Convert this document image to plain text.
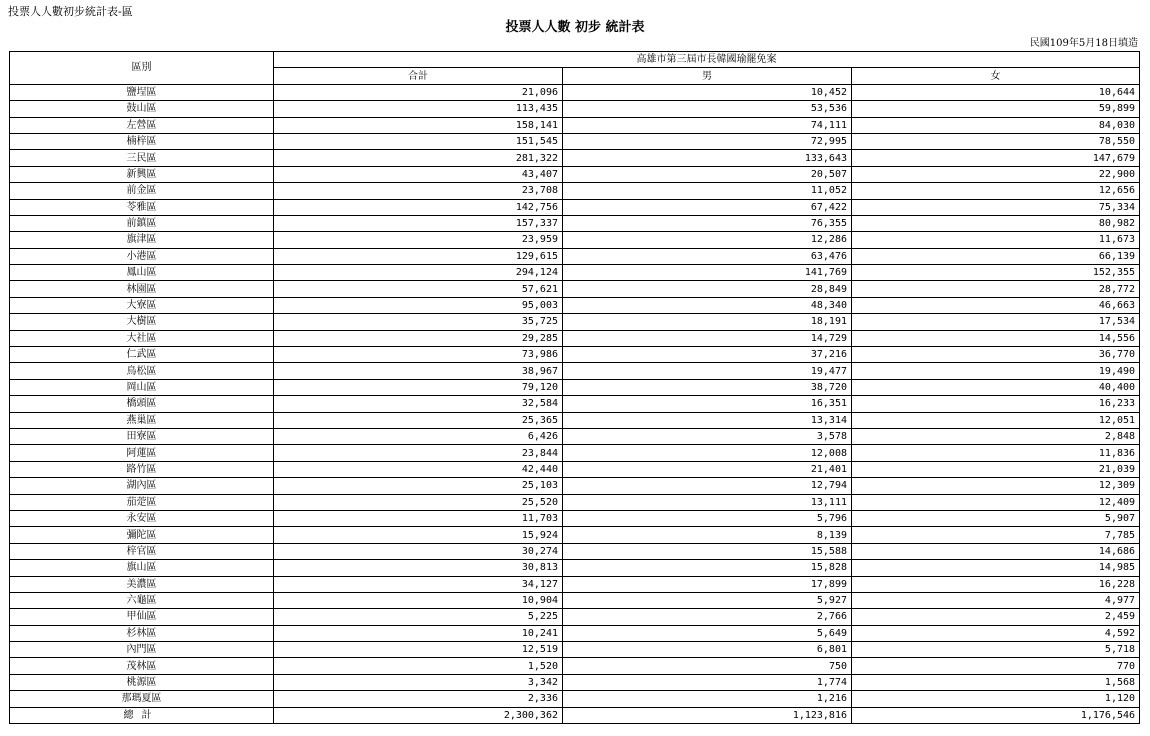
投票人人數初步統計表-區
投票人人數 初步 統計表
民國109年5月18日填造
區別	高雄市第三屆市長韓國瑜罷免案		
	合計	男	女
鹽埕區	21,096	10,452	10,644
鼓山區	113,435	53,536	59,899
左營區	158,141	74,111	84,030
楠梓區	151,545	72,995	78,550
三民區	281,322	133,643	147,679
新興區	43,407	20,507	22,900
前金區	23,708	11,052	12,656
苓雅區	142,756	67,422	75,334
前鎮區	157,337	76,355	80,982
旗津區	23,959	12,286	11,673
小港區	129,615	63,476	66,139
鳳山區	294,124	141,769	152,355
林園區	57,621	28,849	28,772
大寮區	95,003	48,340	46,663
大樹區	35,725	18,191	17,534
大社區	29,285	14,729	14,556
仁武區	73,986	37,216	36,770
鳥松區	38,967	19,477	19,490
岡山區	79,120	38,720	40,400
橋頭區	32,584	16,351	16,233
燕巢區	25,365	13,314	12,051
田寮區	6,426	3,578	2,848
阿蓮區	23,844	12,008	11,836
路竹區	42,440	21,401	21,039
湖內區	25,103	12,794	12,309
茄萣區	25,520	13,111	12,409
永安區	11,703	5,796	5,907
彌陀區	15,924	8,139	7,785
梓官區	30,274	15,588	14,686
旗山區	30,813	15,828	14,985
美濃區	34,127	17,899	16,228
六龜區	10,904	5,927	4,977
甲仙區	5,225	2,766	2,459
杉林區	10,241	5,649	4,592
內門區	12,519	6,801	5,718
茂林區	1,520	750	770
桃源區	3,342	1,774	1,568
那瑪夏區	2,336	1,216	1,120
總計	2,300,362	1,123,816	1,176,546
